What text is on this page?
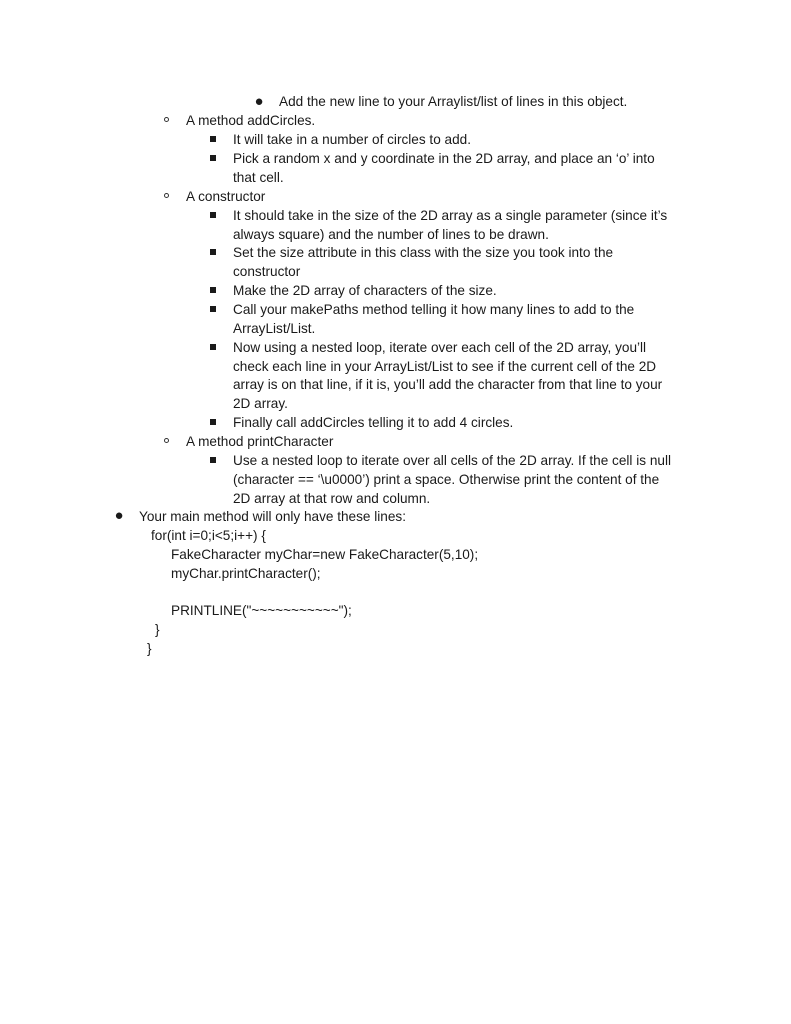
●
●
Add the new line to your Arraylist/list of lines in this object.
A method addCircles.
It will take in a number of circles to add.
Pick a random x and y coordinate in the 2D array, and place an ‘o’ into
that cell.
A constructor
It should take in the size of the 2D array as a single parameter (since it’s
always square) and the number of lines to be drawn.
Set the size attribute in this class with the size you took into the
constructor
Make the 2D array of characters of the size.
Call your makePaths method telling it how many lines to add to the
ArrayList/List.
Now using a nested loop, iterate over each cell of the 2D array, you’ll
check each line in your ArrayList/List to see if the current cell of the 2D
array is on that line, if it is, you’ll add the character from that line to your
2D array.
Finally call addCircles telling it to add 4 circles.
A method printCharacter
Use a nested loop to iterate over all cells of the 2D array. If the cell is null
(character == ‘\u0000’) print a space. Otherwise print the content of the
2D array at that row and column.
Your main method will only have these lines:
for(int i=0;i<5;i++) {
FakeCharacter myChar=new FakeCharacter(5,10);
myChar.printCharacter();
PRINTLINE("~~~~~~~~~~~");
}
}
